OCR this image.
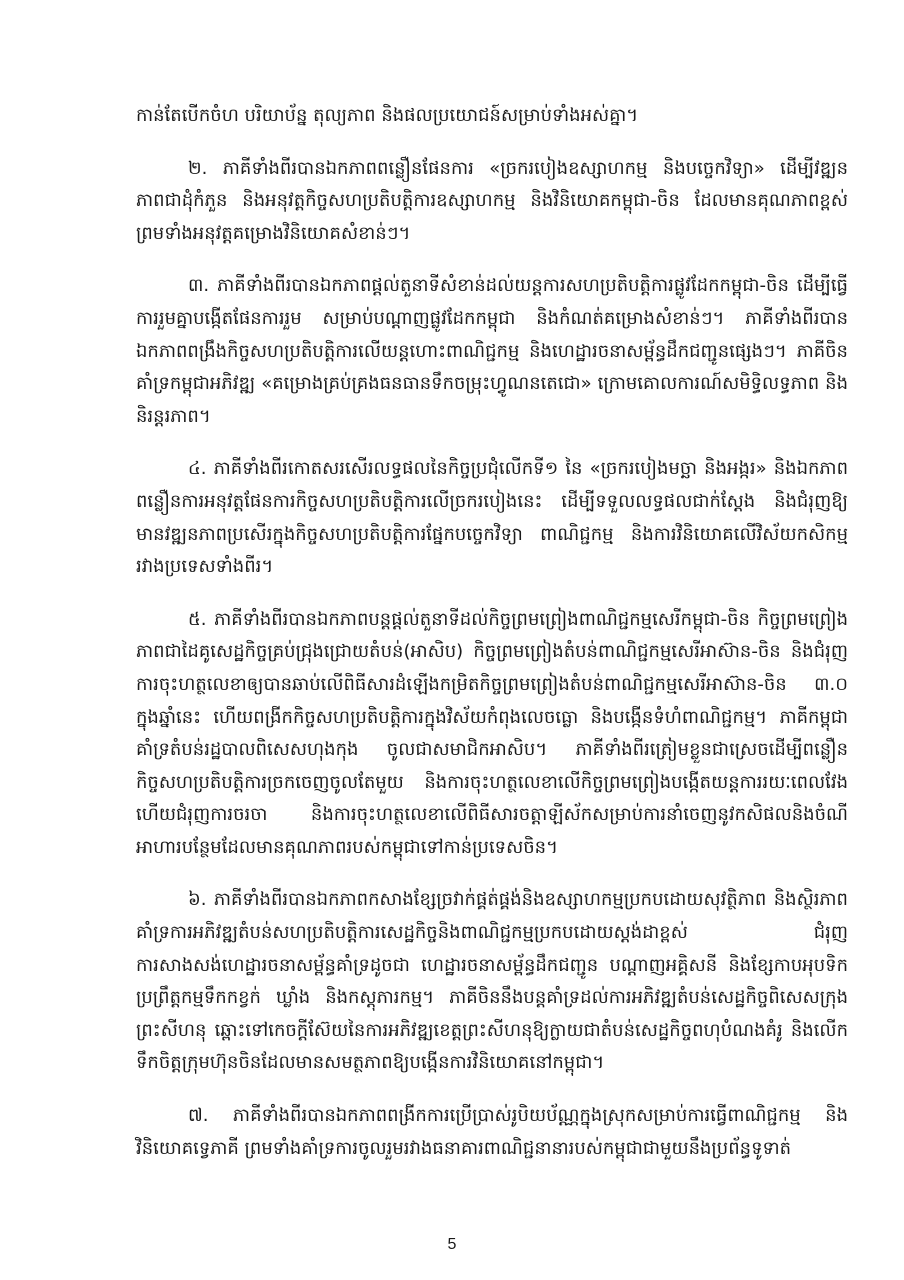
កាន់តែបើកចំហ បរិយាប័ន្ន តុល្យភាព និងផលប្រយោជន៍សម្រាប់ទាំងអស់គ្នា។

២. ភាគីទាំងពីរបានឯកភាពពន្លឿនផែនការ «ច្រករបៀងឧស្សាហកម្ម និងបច្ចេកវិទ្យា» ដើម្បីវឌ្ឍនភាពជាដុំកំភួន និងអនុវត្តកិច្ចសហប្រតិបត្តិការឧស្សាហកម្ម និងវិនិយោគកម្ពុជា-ចិន ដែលមានគុណភាពខ្ពស់ ព្រមទាំងអនុវត្តគម្រោងវិនិយោគសំខាន់ៗ។

៣. ភាគីទាំងពីរបានឯកភាពផ្តល់តួនាទីសំខាន់ដល់យន្តការសហប្រតិបត្តិការផ្លូវដែកកម្ពុជា-ចិន ដើម្បីធ្វើការរួមគ្នាបង្កើតផែនការរួម សម្រាប់បណ្តាញផ្លូវដែកកម្ពុជា និងកំណត់គម្រោងសំខាន់ៗ។ ភាគីទាំងពីរបានឯកភាពពង្រឹងកិច្ចសហប្រតិបត្តិការលើយន្តហោះពាណិជ្ជកម្ម និងហេដ្ឋារចនាសម្ព័ន្ធដឹកជញ្ជូនផ្សេងៗ។ ភាគីចិនគាំទ្រកម្ពុជាអភិវឌ្ឍ «គម្រោងគ្រប់គ្រងធនធានទឹកចម្រុះហ្វូណនតេជោ» ក្រោមគោលការណ៍សមិទ្ធិលទ្ធភាព និងនិរន្តរភាព។

៤. ភាគីទាំងពីរកោតសរសើរលទ្ធផលនៃកិច្ចប្រជុំលើកទី១ នៃ «ច្រករបៀងមច្ឆា និងអង្ករ» និងឯកភាពពន្លឿនការអនុវត្តផែនការកិច្ចសហប្រតិបត្តិការលើច្រករបៀងនេះ ដើម្បីទទួលលទ្ធផលជាក់ស្តែង និងជំរុញឱ្យមានវឌ្ឍនភាពប្រសើរក្នុងកិច្ចសហប្រតិបត្តិការផ្នែកបច្ចេកវិទ្យា ពាណិជ្ជកម្ម និងការវិនិយោគលើវិស័យកសិកម្មរវាងប្រទេសទាំងពីរ។

៥. ភាគីទាំងពីរបានឯកភាពបន្តផ្តល់តួនាទីដល់កិច្ចព្រមព្រៀងពាណិជ្ជកម្មសេរីកម្ពុជា-ចិន កិច្ចព្រមព្រៀងភាពជាដៃគូសេដ្ឋកិច្ចគ្រប់ជ្រុងជ្រោយតំបន់(អាសិប) កិច្ចព្រមព្រៀងតំបន់ពាណិជ្ជកម្មសេរីអាស៊ាន-ចិន និងជំរុញការចុះហត្ថលេខាឲ្យបានឆាប់លើពិធីសារដំឡើងកម្រិតកិច្ចព្រមព្រៀងតំបន់ពាណិជ្ជកម្មសេរីអាស៊ាន-ចិន ៣.០ ក្នុងឆ្នាំនេះ ហើយពង្រីកកិច្ចសហប្រតិបត្តិការក្នុងវិស័យកំពុងលេចធ្លោ និងបង្កើនទំហំពាណិជ្ជកម្ម។ ភាគីកម្ពុជាគាំទ្រតំបន់រដ្ឋបាលពិសេសហុងកុង ចូលជាសមាជិកអាសិប។ ភាគីទាំងពីរត្រៀមខ្លួនជាស្រេចដើម្បីពន្លឿនកិច្ចសហប្រតិបត្តិការច្រកចេញចូលតែមួយ និងការចុះហត្ថលេខាលើកិច្ចព្រមព្រៀងបង្កើតយន្តការរយៈពេលវែង ហើយជំរុញការចរចា និងការចុះហត្ថលេខាលើពិធីសារចត្តាឡីស័កសម្រាប់ការនាំចេញនូវកសិផលនិងចំណីអាហារបន្ថែមដែលមានគុណភាពរបស់កម្ពុជាទៅកាន់ប្រទេសចិន។

៦. ភាគីទាំងពីរបានឯកភាពកសាងខ្សែច្រវាក់ផ្គត់ផ្គង់និងឧស្សាហកម្មប្រកបដោយសុវត្ថិភាព និងស្ថិរភាព គាំទ្រការអភិវឌ្ឍតំបន់សហប្រតិបត្តិការសេដ្ឋកិច្ចនិងពាណិជ្ជកម្មប្រកបដោយស្តង់ដាខ្ពស់ ជំរុញការសាងសង់ហេដ្ឋារចនាសម្ព័ន្ធគាំទ្រដូចជា ហេដ្ឋារចនាសម្ព័ន្ធដឹកជញ្ជូន បណ្តាញអគ្គិសនី និងខ្សែកាបអុបទិក ប្រព្រឹត្តកម្មទឹកកខ្វក់ ឃ្លាំង និងកស្តុភារកម្ម។ ភាគីចិននឹងបន្តគាំទ្រដល់ការអភិវឌ្ឍតំបន់សេដ្ឋកិច្ចពិសេសក្រុងព្រះសីហនុ ឆ្ពោះទៅកេចក្តីស៊ែយនៃការអភិវឌ្ឍខេត្តព្រះសីហនុឱ្យក្លាយជាតំបន់សេដ្ឋកិច្ចពហុបំណងគំរូ និងលើកទឹកចិត្តក្រុមហ៊ុនចិនដែលមានសមត្ថភាពឱ្យបង្កើនការវិនិយោគនៅកម្ពុជា។

៧. ភាគីទាំងពីរបានឯកភាពពង្រីកការប្រើប្រាស់រូបិយប័ណ្ណក្នុងស្រុកសម្រាប់ការធ្វើពាណិជ្ជកម្ម និងវិនិយោគទ្វេភាគី ព្រមទាំងគាំទ្រការចូលរួមរវាងធនាគារពាណិជ្ជនានារបស់កម្ពុជាជាមួយនឹងប្រព័ន្ធទូទាត់

5
